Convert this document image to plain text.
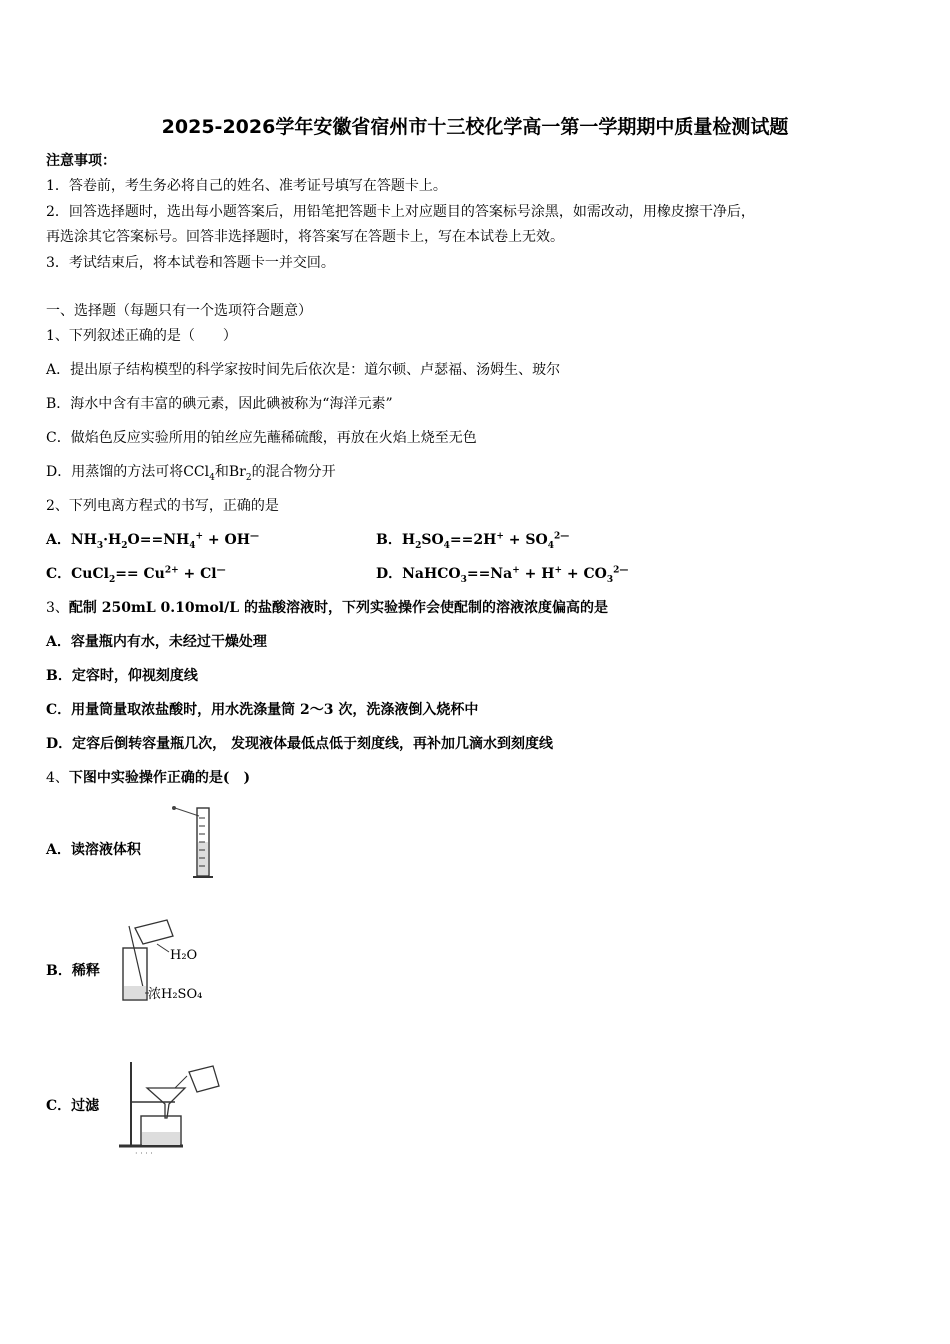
2025-2026学年安徽省宿州市十三校化学高一第一学期期中质量检测试题
注意事项：
1．答卷前，考生务必将自己的姓名、准考证号填写在答题卡上。
2．回答选择题时，选出每小题答案后，用铅笔把答题卡上对应题目的答案标号涂黑，如需改动，用橡皮擦干净后，
再选涂其它答案标号。回答非选择题时，将答案写在答题卡上，写在本试卷上无效。
3．考试结束后，将本试卷和答题卡一并交回。
一、选择题（每题只有一个选项符合题意）
1、下列叙述正确的是（　　）
A．提出原子结构模型的科学家按时间先后依次是：道尔顿、卢瑟福、汤姆生、玻尔
B．海水中含有丰富的碘元素，因此碘被称为“海洋元素”
C．做焰色反应实验所用的铂丝应先蘸稀硫酸，再放在火焰上烧至无色
D．用蒸馏的方法可将CCl$_4$和$Br_2$的混合物分开
2、下列电离方程式的书写，正确的是
A．$NH_3\cdot H_2O==NH_4^+ + OH^—$	B．$H_2SO_4==2H^+ + SO_4^{2—}$
C．CuCl$_2$== $Cu^{2+} + Cl^—$	D．NaHCO$_3$==Na+ + $H^+ + CO_3^{2—}$
3、配制 250mL 0.10mol/L 的盐酸溶液时，下列实验操作会使配制的溶液浓度偏高的是
A．容量瓶内有水，未经过干燥处理
B．定容时，仰视刻度线
C．用量筒量取浓盐酸时，用水洗涤量筒 2～3 次，洗涤液倒入烧杯中
D．定容后倒转容量瓶几次， 发现液体最低点低于刻度线，再补加几滴水到刻度线
4、下图中实验操作正确的是(　)
A．读溶液体积
B．稀释
H₂O
浓H₂SO₄
C．过滤
· · · ·
